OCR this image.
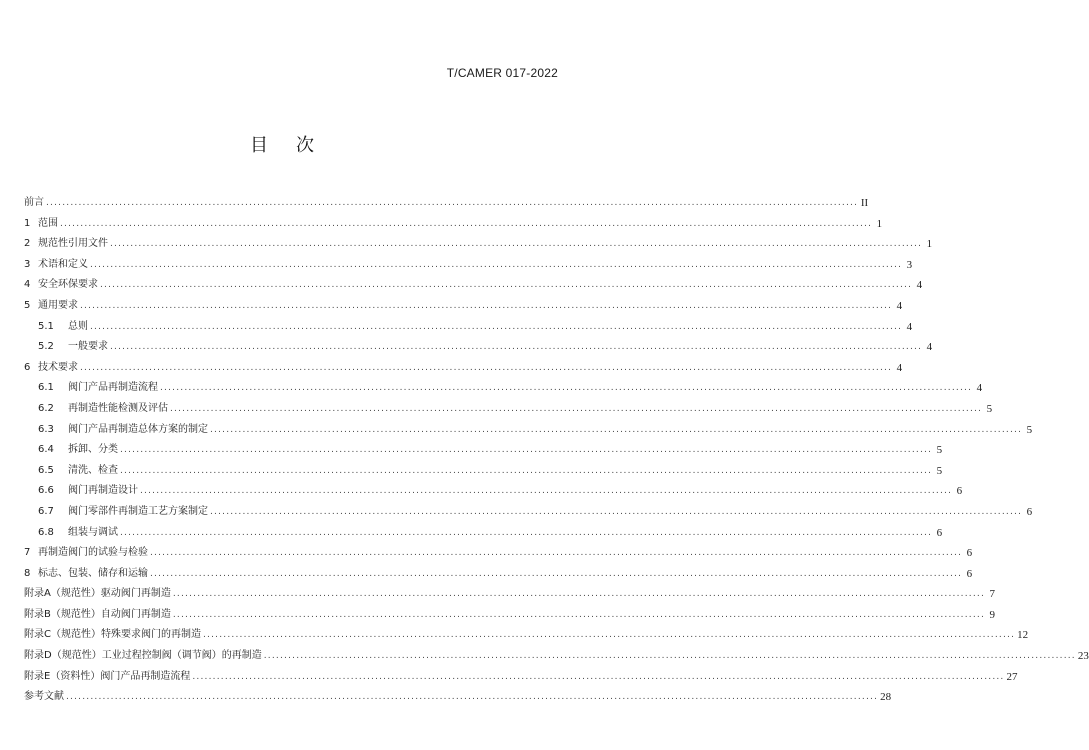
T/CAMER 017-2022
目次
前言 ........................................................................................................................................................................................................ II
1 范围 ........................................................................................................................................................................................................ 1
2 规范性引用文件 ........................................................................................................................................................................................................ 1
3 术语和定义 ........................................................................................................................................................................................................ 3
4 安全环保要求 ........................................................................................................................................................................................................ 4
5 通用要求 ........................................................................................................................................................................................................ 4
5.1 总则 ........................................................................................................................................................................................................ 4
5.2 一般要求 ........................................................................................................................................................................................................ 4
6 技术要求 ........................................................................................................................................................................................................ 4
6.1 阀门产品再制造流程 ........................................................................................................................................................................................................ 4
6.2 再制造性能检测及评估 ........................................................................................................................................................................................................ 5
6.3 阀门产品再制造总体方案的制定 ........................................................................................................................................................................................................ 5
6.4 拆卸、分类 ........................................................................................................................................................................................................ 5
6.5 清洗、检查 ........................................................................................................................................................................................................ 5
6.6 阀门再制造设计 ........................................................................................................................................................................................................ 6
6.7 阀门零部件再制造工艺方案制定 ........................................................................................................................................................................................................ 6
6.8 组装与调试 ........................................................................................................................................................................................................ 6
7 再制造阀门的试验与检验 ........................................................................................................................................................................................................ 6
8 标志、包装、储存和运输 ........................................................................................................................................................................................................ 6
附录A（规范性）驱动阀门再制造 ........................................................................................................................................................................................................ 7
附录B（规范性）自动阀门再制造 ........................................................................................................................................................................................................ 9
附录C（规范性）特殊要求阀门的再制造 ........................................................................................................................................................................................................ 12
附录D（规范性）工业过程控制阀（调节阀）的再制造 ........................................................................................................................................................................................................ 23
附录E（资料性）阀门产品再制造流程 ........................................................................................................................................................................................................ 27
参考文献 ........................................................................................................................................................................................................ 28
